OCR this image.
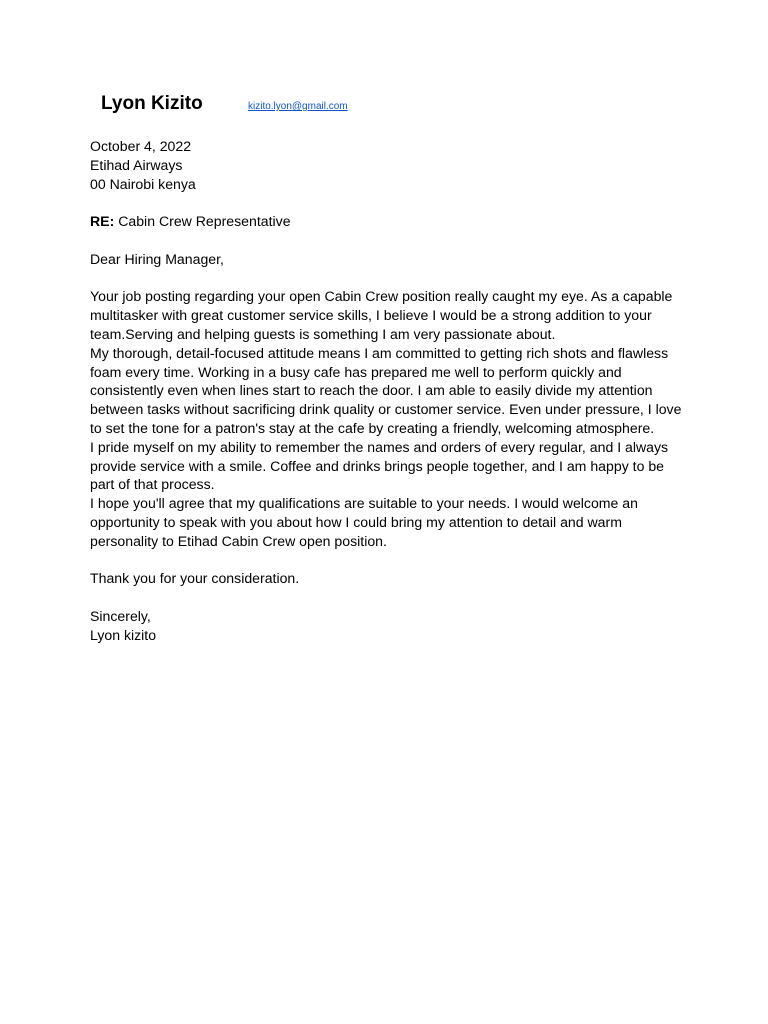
Lyon Kizito	kizito.lyon@gmail.com
October 4, 2022
Etihad Airways
00 Nairobi kenya
RE: Cabin Crew Representative
Dear Hiring Manager,
Your job posting regarding your open Cabin Crew position really caught my eye. As a capable
multitasker with great customer service skills, I believe I would be a strong addition to your
team.Serving and helping guests is something I am very passionate about.
My thorough, detail-focused attitude means I am committed to getting rich shots and flawless
foam every time. Working in a busy cafe has prepared me well to perform quickly and
consistently even when lines start to reach the door. I am able to easily divide my attention
between tasks without sacrificing drink quality or customer service. Even under pressure, I love
to set the tone for a patron's stay at the cafe by creating a friendly, welcoming atmosphere.
I pride myself on my ability to remember the names and orders of every regular, and I always
provide service with a smile. Coffee and drinks brings people together, and I am happy to be
part of that process.
I hope you'll agree that my qualifications are suitable to your needs. I would welcome an
opportunity to speak with you about how I could bring my attention to detail and warm
personality to Etihad Cabin Crew open position.
Thank you for your consideration.
Sincerely,
Lyon kizito
